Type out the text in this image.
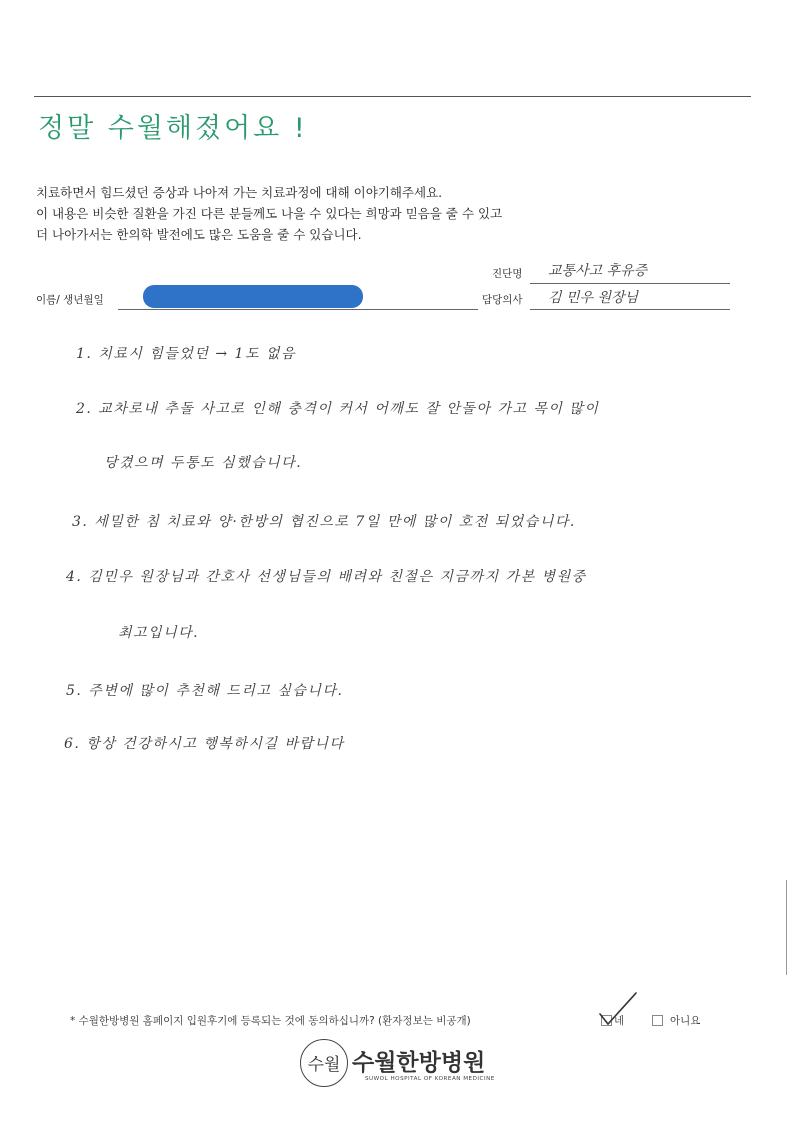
정말 수월해졌어요 !
치료하면서 힘드셨던 증상과 나아져 가는 치료과정에 대해 이야기해주세요.
이 내용은 비슷한 질환을 가진 다른 분들께도 나을 수 있다는 희망과 믿음을 줄 수 있고
더 나아가서는 한의학 발전에도 많은 도움을 줄 수 있습니다.
진단명 교통사고 후유증
이름/ 생년월일	담당의사 김 민우 원장님
1. 치료시 힘들었던 → 1도 없음
2. 교차로내 추돌 사고로 인해 충격이 커서 어깨도 잘 안돌아 가고 목이 많이
당겼으며 두통도 심했습니다.
3. 세밀한 침 치료와 양·한방의 협진으로 7일 만에 많이 호전 되었습니다.
4. 김민우 원장님과 간호사 선생님들의 배려와 친절은 지금까지 가본 병원중
최고입니다.
5. 주변에 많이 추천해 드리고 싶습니다.
6. 항상 건강하시고 행복하시길 바랍니다
* 수월한방병원 홈페이지 입원후기에 등록되는 것에 동의하십니까? (환자정보는 비공개)	네	아니요
수월 수월한방병원
SUWOL HOSPITAL OF KOREAN MEDICINE
